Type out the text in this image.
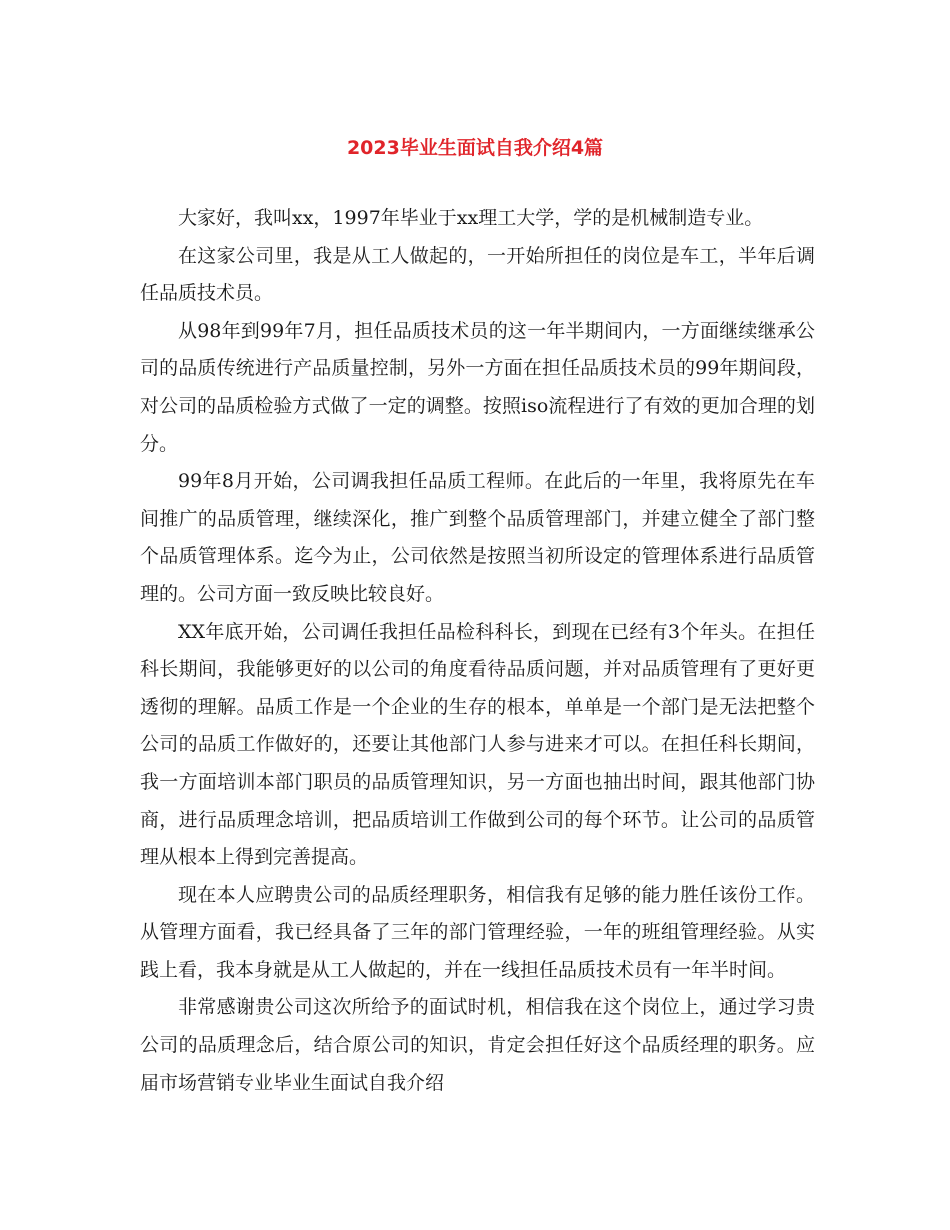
2023毕业生面试自我介绍4篇

大家好，我叫xx，1997年毕业于xx理工大学，学的是机械制造专业。

在这家公司里，我是从工人做起的，一开始所担任的岗位是车工，半年后调任品质技术员。

从98年到99年7月，担任品质技术员的这一年半期间内，一方面继续继承公司的品质传统进行产品质量控制，另外一方面在担任品质技术员的99年期间段，对公司的品质检验方式做了一定的调整。按照iso流程进行了有效的更加合理的划分。

99年8月开始，公司调我担任品质工程师。在此后的一年里，我将原先在车间推广的品质管理，继续深化，推广到整个品质管理部门，并建立健全了部门整个品质管理体系。迄今为止，公司依然是按照当初所设定的管理体系进行品质管理的。公司方面一致反映比较良好。

XX年底开始，公司调任我担任品检科科长，到现在已经有3个年头。在担任科长期间，我能够更好的以公司的角度看待品质问题，并对品质管理有了更好更透彻的理解。品质工作是一个企业的生存的根本，单单是一个部门是无法把整个公司的品质工作做好的，还要让其他部门人参与进来才可以。在担任科长期间，我一方面培训本部门职员的品质管理知识，另一方面也抽出时间，跟其他部门协商，进行品质理念培训，把品质培训工作做到公司的每个环节。让公司的品质管理从根本上得到完善提高。

现在本人应聘贵公司的品质经理职务，相信我有足够的能力胜任该份工作。从管理方面看，我已经具备了三年的部门管理经验，一年的班组管理经验。从实践上看，我本身就是从工人做起的，并在一线担任品质技术员有一年半时间。

非常感谢贵公司这次所给予的面试时机，相信我在这个岗位上，通过学习贵公司的品质理念后，结合原公司的知识，肯定会担任好这个品质经理的职务。应届市场营销专业毕业生面试自我介绍
